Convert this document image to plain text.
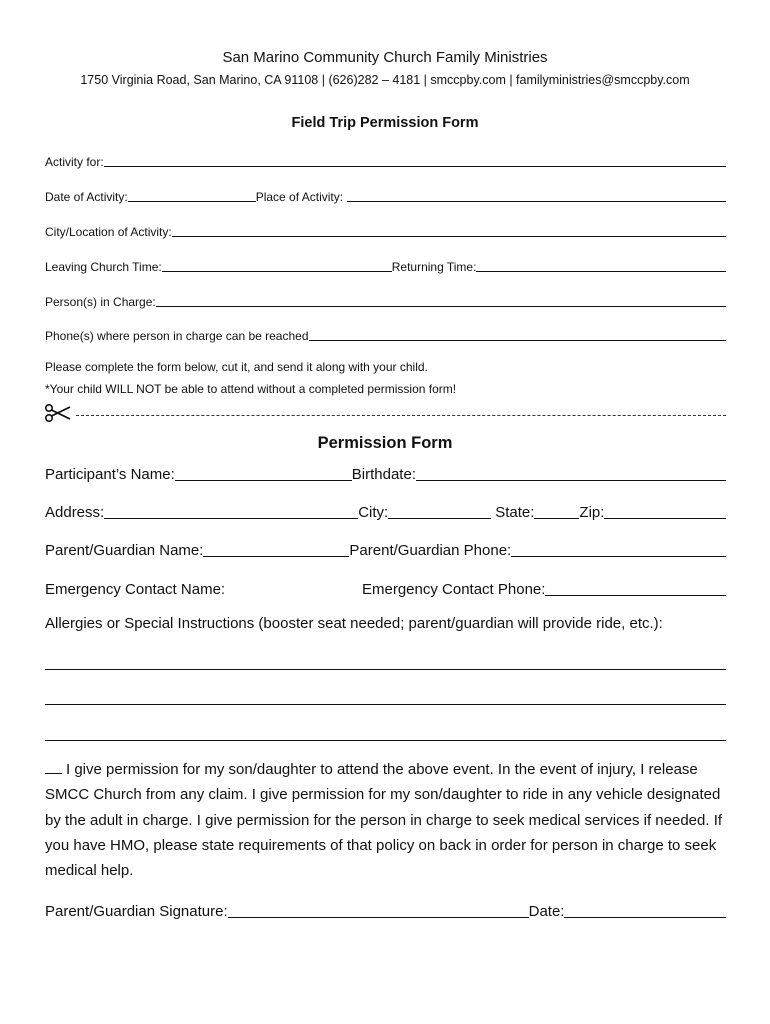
San Marino Community Church Family Ministries
1750 Virginia Road, San Marino, CA 91108 | (626)282 – 4181 | smccpby.com | familyministries@smccpby.com
Field Trip Permission Form
Activity for:
Date of Activity:	Place of Activity:
City/Location of Activity:
Leaving Church Time:	Returning Time:
Person(s) in Charge:
Phone(s) where person in charge can be reached
Please complete the form below, cut it, and send it along with your child.
*Your child WILL NOT be able to attend without a completed permission form!
Permission Form
Participant’s Name:	Birthdate:
Address:	City:	State:	Zip:
Parent/Guardian Name:	Parent/Guardian Phone:
Emergency Contact Name:	Emergency Contact Phone:
Allergies or Special Instructions (booster seat needed; parent/guardian will provide ride, etc.):
I give permission for my son/daughter to attend the above event. In the event of injury, I release SMCC Church from any claim. I give permission for my son/daughter to ride in any vehicle designated by the adult in charge. I give permission for the person in charge to seek medical services if needed. If you have HMO, please state requirements of that policy on back in order for person in charge to seek medical help.
Parent/Guardian Signature:	Date:
